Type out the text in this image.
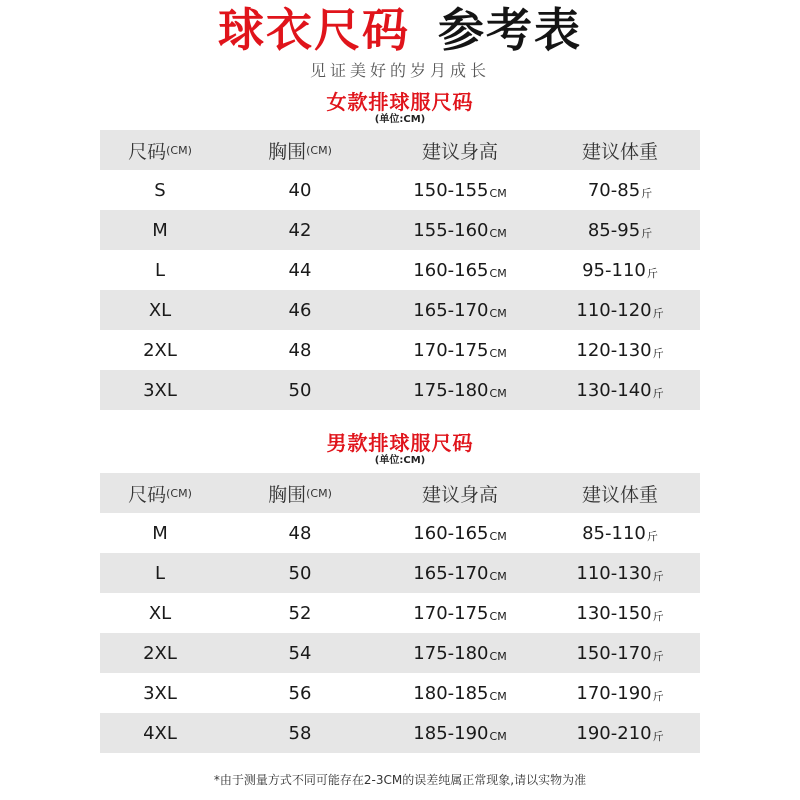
球衣尺码 参考表
见证美好的岁月成长
女款排球服尺码
(单位:CM)
尺码 (CM)	胸围 (CM)	建议身高	建议体重
S	40	150-155 CM	70-85 斤
M	42	155-160 CM	85-95 斤
L	44	160-165 CM	95-110 斤
XL	46	165-170 CM	110-120 斤
2XL	48	170-175 CM	120-130 斤
3XL	50	175-180 CM	130-140 斤
男款排球服尺码
(单位:CM)
尺码 (CM)	胸围 (CM)	建议身高	建议体重
M	48	160-165 CM	85-110 斤
L	50	165-170 CM	110-130 斤
XL	52	170-175 CM	130-150 斤
2XL	54	175-180 CM	150-170 斤
3XL	56	180-185 CM	170-190 斤
4XL	58	185-190 CM	190-210 斤
*由于测量方式不同可能存在2-3CM的误差纯属正常现象,请以实物为准
